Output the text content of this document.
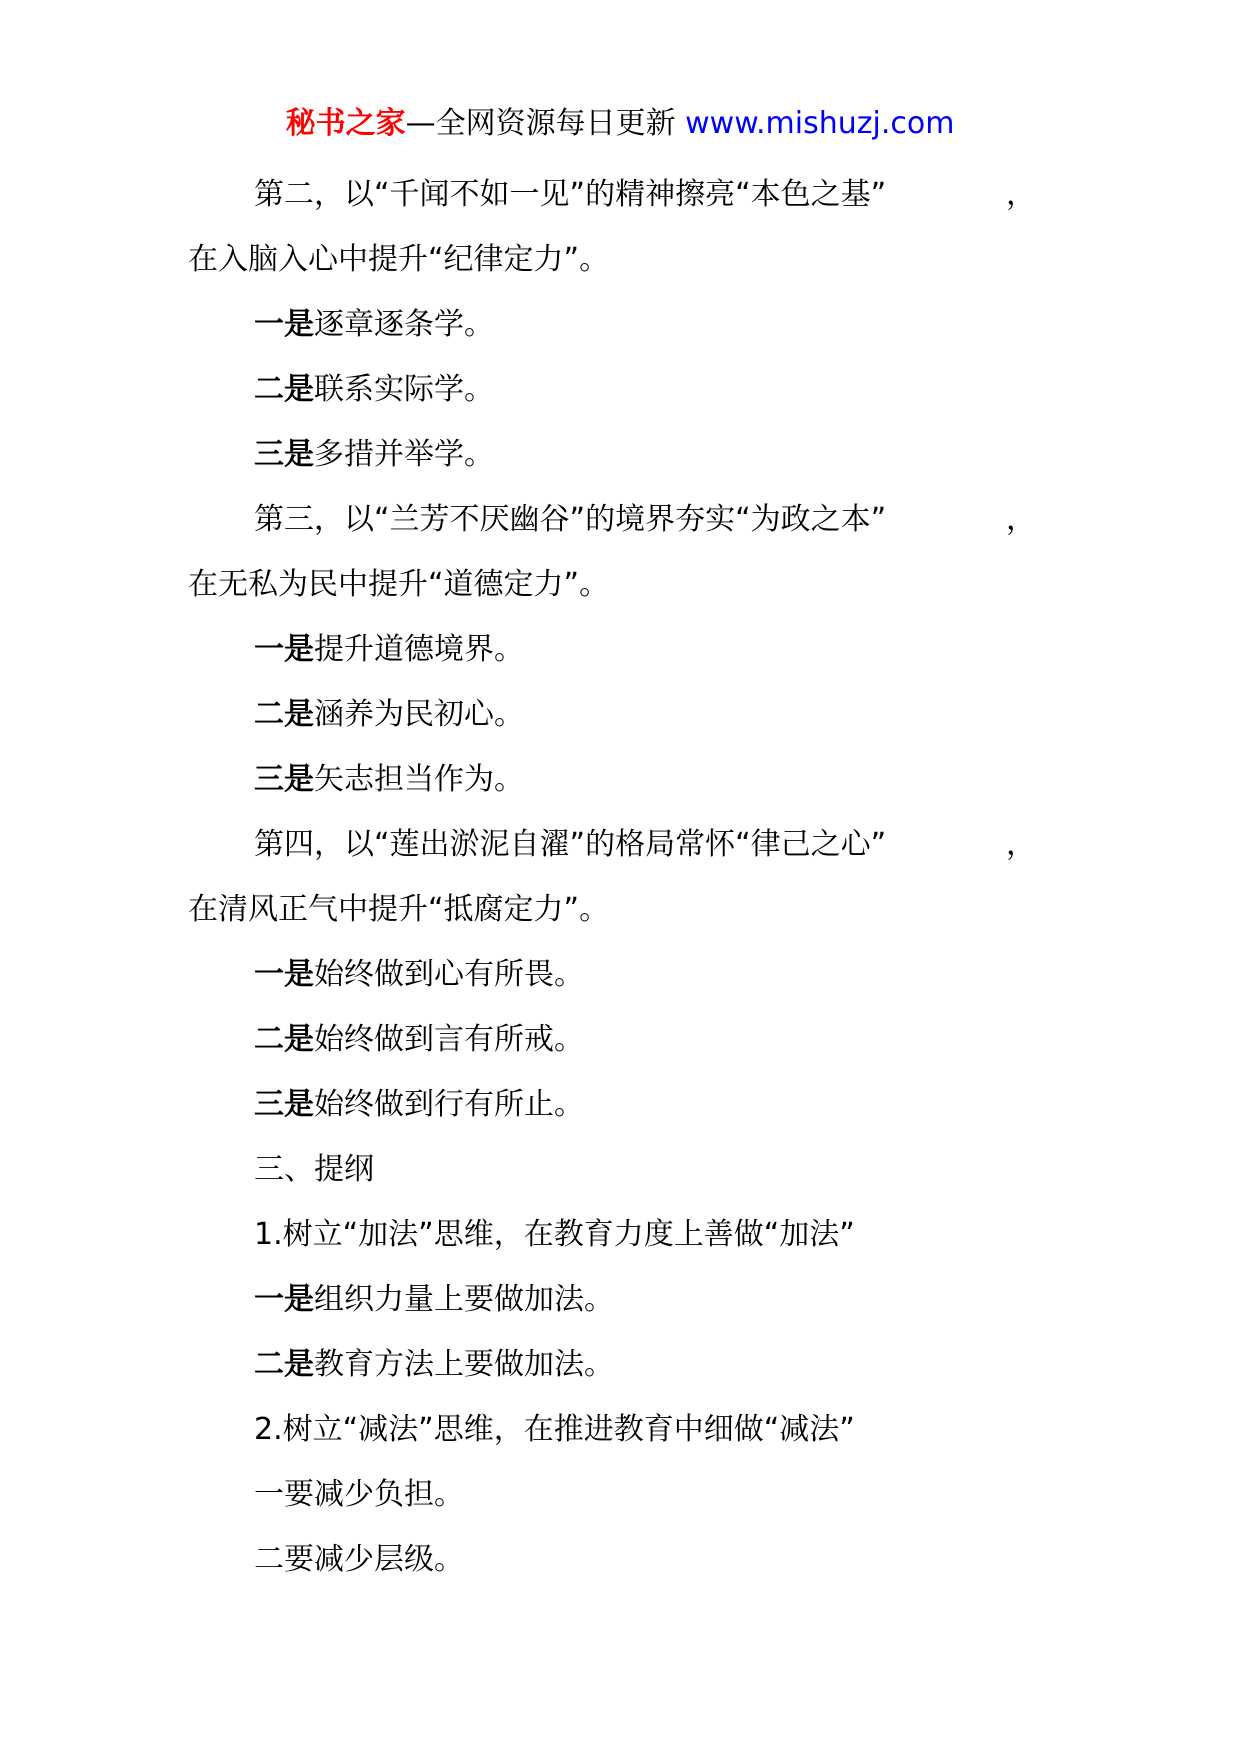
秘书之家—全网资源每日更新 www.mishuzj.com
第二，以“千闻不如一见”的精神擦亮“本色之基”	，
在入脑入心中提升“纪律定力”。
一是逐章逐条学。
二是联系实际学。
三是多措并举学。
第三，以“兰芳不厌幽谷”的境界夯实“为政之本”	，
在无私为民中提升“道德定力”。
一是提升道德境界。
二是涵养为民初心。
三是矢志担当作为。
第四，以“莲出淤泥自濯”的格局常怀“律己之心”	，
在清风正气中提升“抵腐定力”。
一是始终做到心有所畏。
二是始终做到言有所戒。
三是始终做到行有所止。
三、提纲
1.树立“加法”思维，在教育力度上善做“加法”
一是组织力量上要做加法。
二是教育方法上要做加法。
2.树立“减法”思维，在推进教育中细做“减法”
一要减少负担。
二要减少层级。
